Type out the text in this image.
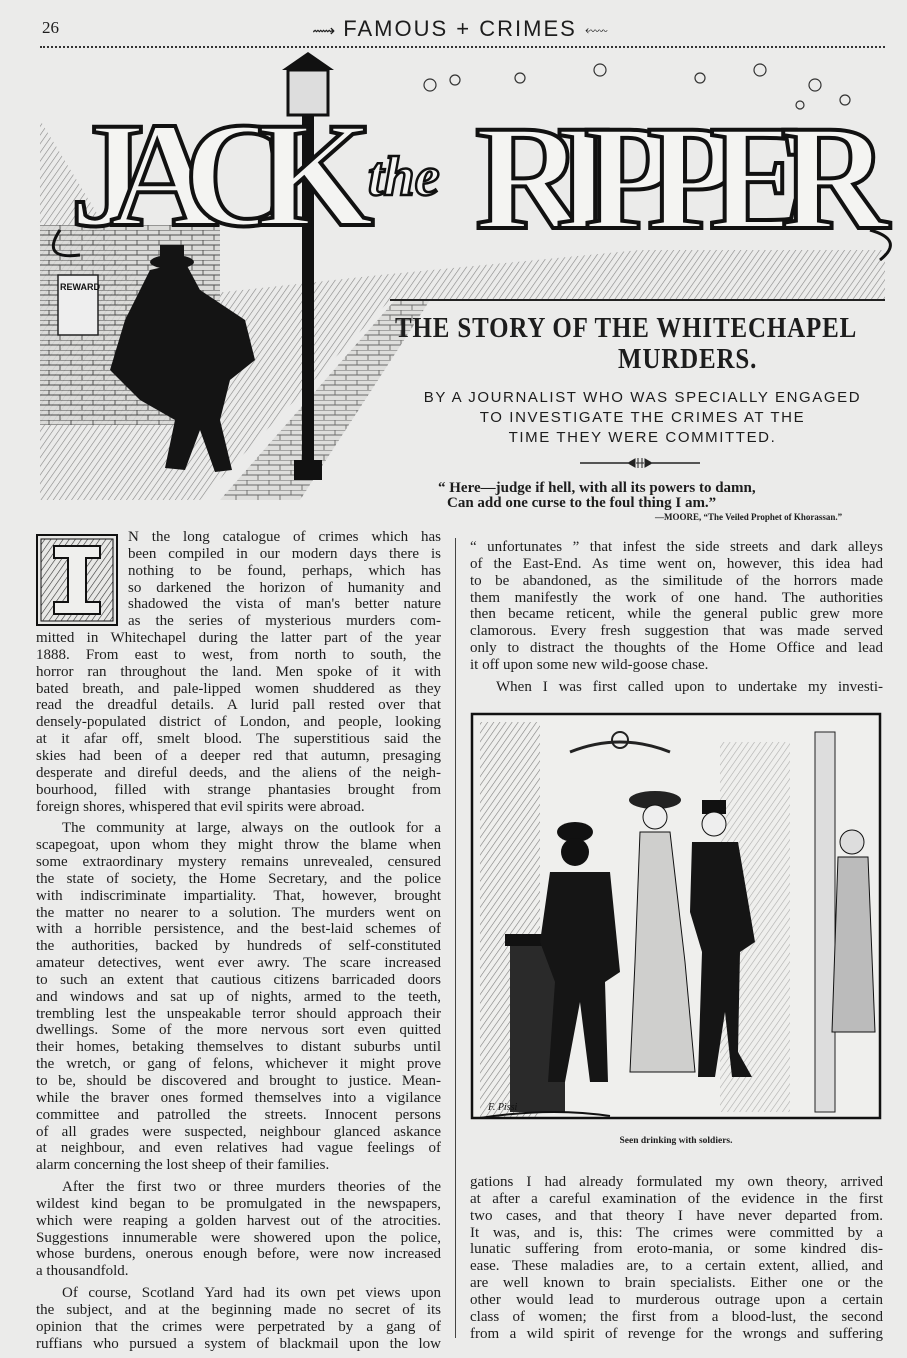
26	⟿ FAMOUS + CRIMES ⬳
REWARD
JACK
the RIPPER
THE STORY OF THE WHITECHAPEL
MURDERS.
BY A JOURNALIST WHO WAS SPECIALLY ENGAGED
TO INVESTIGATE THE CRIMES AT THE
TIME THEY WERE COMMITTED.
“ Here—judge if hell, with all its powers to damn,
Can add one curse to the foul thing I am.”
—MOORE, “The Veiled Prophet of Khorassan.”
N the long catalogue of crimes which has
been compiled in our modern days there is
nothing to be found, perhaps, which has
so darkened the horizon of humanity and
shadowed the vista of man's better nature
as the series of mysterious murders com-
mitted in Whitechapel during the latter part of the year
1888. From east to west, from north to south, the
horror ran throughout the land. Men spoke of it with
bated breath, and pale-lipped women shuddered as they
read the dreadful details. A lurid pall rested over that
densely-populated district of London, and people, looking
at it afar off, smelt blood. The superstitious said the
skies had been of a deeper red that autumn, presaging
desperate and direful deeds, and the aliens of the neigh-
bourhood, filled with strange phantasies brought from
foreign shores, whispered that evil spirits were abroad.
The community at large, always on the outlook for a
scapegoat, upon whom they might throw the blame when
some extraordinary mystery remains unrevealed, censured
the state of society, the Home Secretary, and the police
with indiscriminate impartiality. That, however, brought
the matter no nearer to a solution. The murders went on
with a horrible persistence, and the best-laid schemes of
the authorities, backed by hundreds of self-constituted
amateur detectives, went ever awry. The scare increased
to such an extent that cautious citizens barricaded doors
and windows and sat up of nights, armed to the teeth,
trembling lest the unspeakable terror should approach their
dwellings. Some of the more nervous sort even quitted
their homes, betaking themselves to distant suburbs until
the wretch, or gang of felons, whichever it might prove
to be, should be discovered and brought to justice. Mean-
while the braver ones formed themselves into a vigilance
committee and patrolled the streets. Innocent persons
of all grades were suspected, neighbour glanced askance
at neighbour, and even relatives had vague feelings of
alarm concerning the lost sheep of their families.
After the first two or three murders theories of the
wildest kind began to be promulgated in the newspapers,
which were reaping a golden harvest out of the atrocities.
Suggestions innumerable were showered upon the police,
whose burdens, onerous enough before, were now increased
a thousandfold.
Of course, Scotland Yard had its own pet views upon
the subject, and at the beginning made no secret of its
opinion that the crimes were perpetrated by a gang of
ruffians who pursued a system of blackmail upon the low
“ unfortunates ” that infest the side streets and dark alleys
of the East-End. As time went on, however, this idea had
to be abandoned, as the similitude of the horrors made
them manifestly the work of one hand. The authorities
then became reticent, while the general public grew more
clamorous. Every fresh suggestion that was made served
only to distract the thoughts of the Home Office and lead
it off upon some new wild-goose chase.
When I was first called upon to undertake my investi-
F. Pissi
Seen drinking with soldiers.
gations I had already formulated my own theory, arrived
at after a careful examination of the evidence in the first
two cases, and that theory I have never departed from.
It was, and is, this: The crimes were committed by a
lunatic suffering from eroto-mania, or some kindred dis-
ease. These maladies are, to a certain extent, allied, and
are well known to brain specialists. Either one or the
other would lead to murderous outrage upon a certain
class of women; the first from a blood-lust, the second
from a wild spirit of revenge for the wrongs and suffering
